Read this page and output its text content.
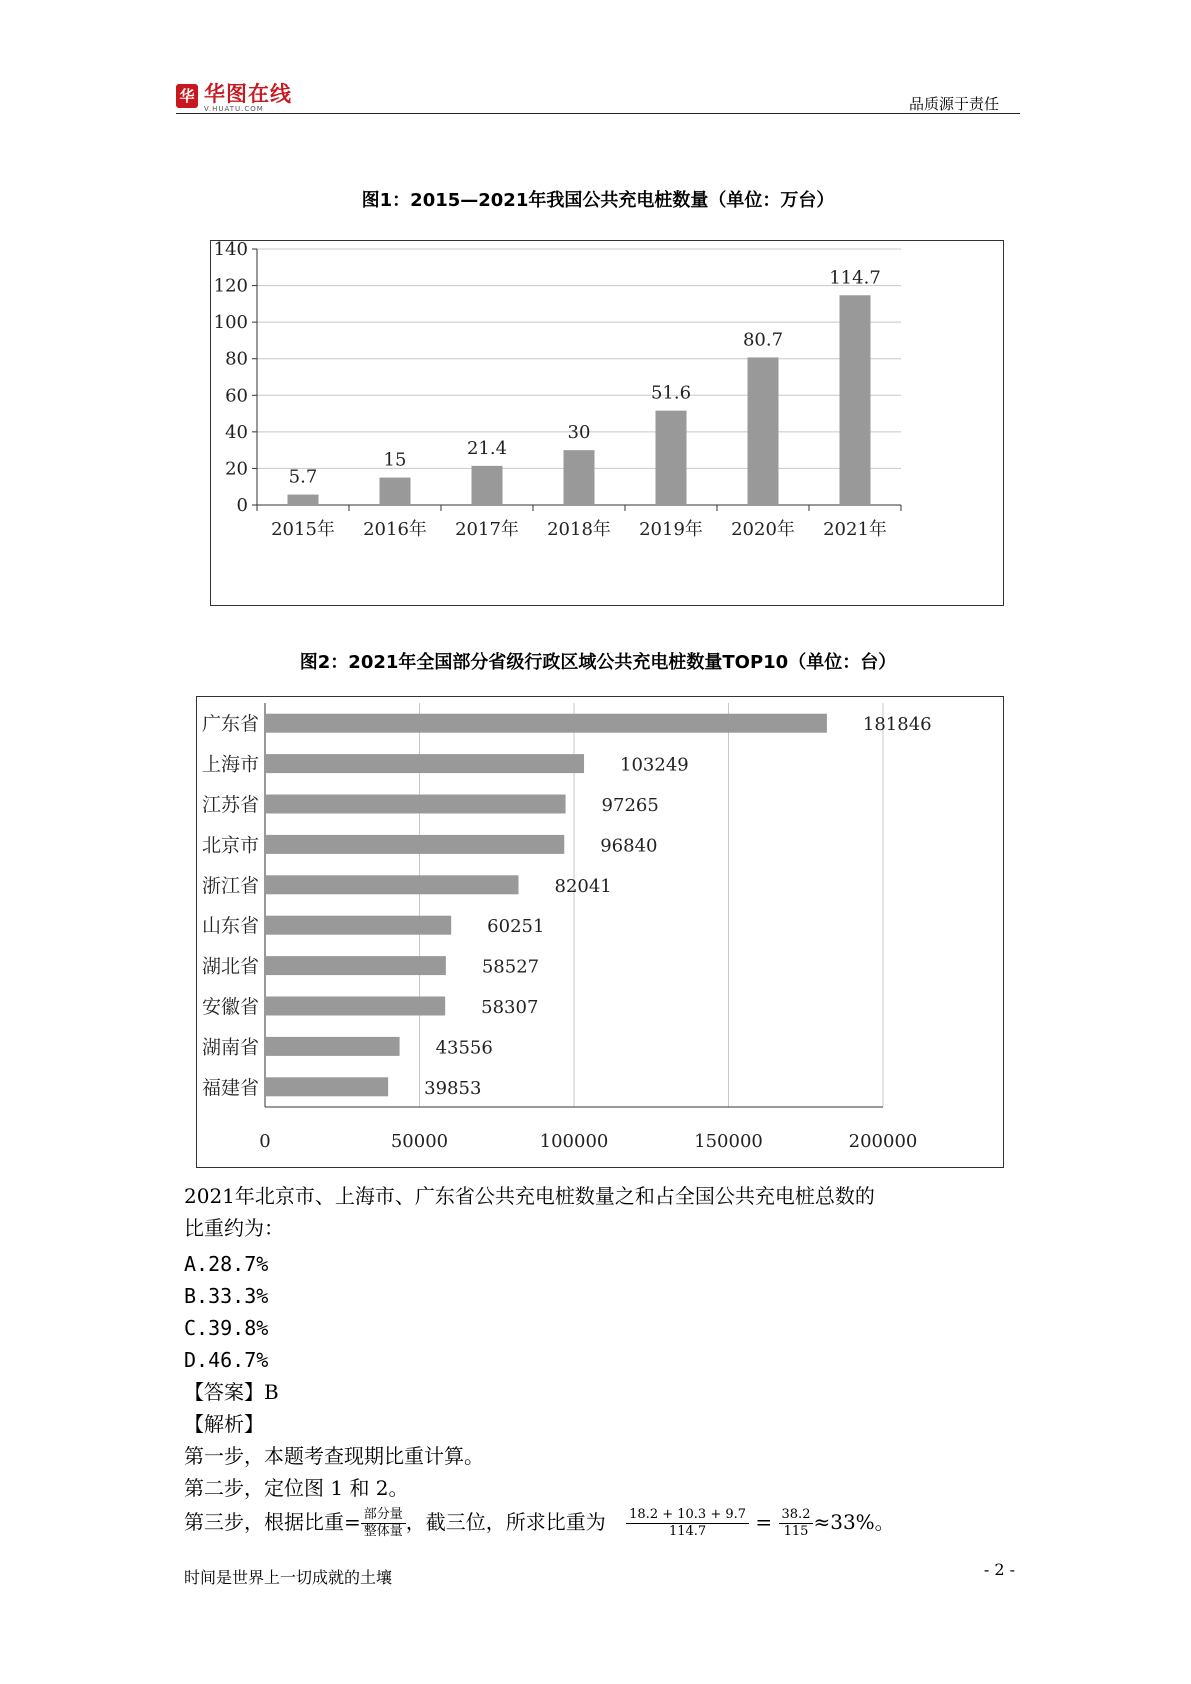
华 华图在线
V.HUATU.COM	品质源于责任
图1：2015—2021年我国公共充电桩数量（单位：万台）
0
20
40
60
80
100
120
140
5.7
2015年
15
2016年
21.4
2017年
30
2018年
51.6
2019年
80.7
2020年
114.7
2021年
图2：2021年全国部分省级行政区域公共充电桩数量TOP10（单位：台）
0	50000	100000	150000	200000
广东省	181846
上海市	103249
江苏省	97265
北京市	96840
浙江省	82041
山东省	60251
湖北省	58527
安徽省	58307
湖南省	43556
福建省	39853
2021年北京市、上海市、广东省公共充电桩数量之和占全国公共充电桩总数的
比重约为：
A.28.7%
B.33.3%
C.39.8%
D.46.7%
【答案】B
【解析】
第一步，本题考查现期比重计算。
第二步，定位图 1 和 2。
第三步，根据比重= $\frac{\text{部分量}}{\text{整体量}}$ ，截三位，所求比重为 $\frac{18.2 + 10.3 + 9.7}{114.7} = \frac{38.2}{115} \approx 33\%$。
时间是世界上一切成就的土壤	- 2 -
